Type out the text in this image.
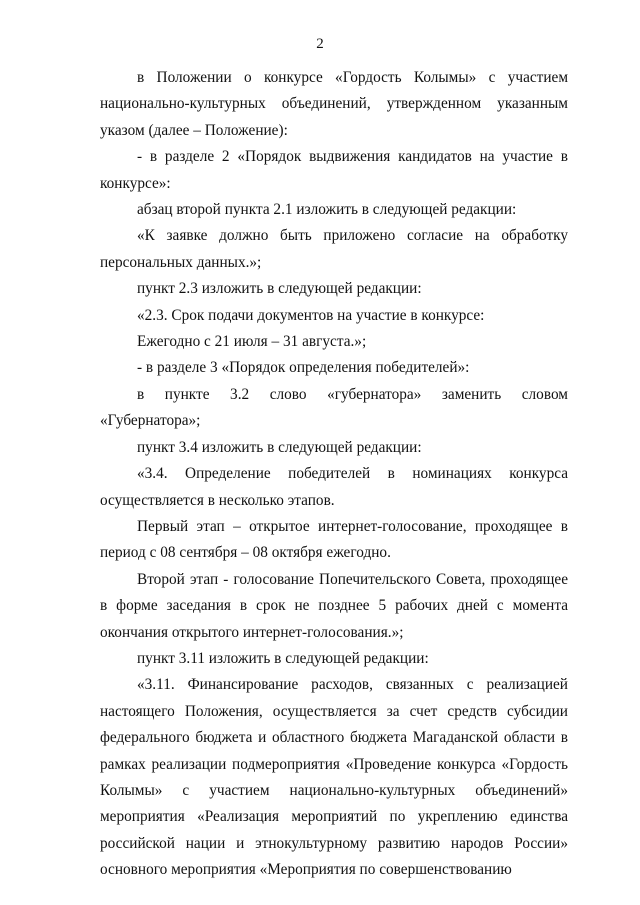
2

в Положении о конкурсе «Гордость Колымы» с участием национально-культурных объединений, утвержденном указанным указом (далее – Положение):

- в разделе 2 «Порядок выдвижения кандидатов на участие в конкурсе»:

абзац второй пункта 2.1 изложить в следующей редакции:

«К заявке должно быть приложено согласие на обработку персональных данных.»;

пункт 2.3 изложить в следующей редакции:

«2.3. Срок подачи документов на участие в конкурсе:

Ежегодно с 21 июля – 31 августа.»;

- в разделе 3 «Порядок определения победителей»:

в пункте 3.2 слово «губернатора» заменить словом «Губернатора»;

пункт 3.4 изложить в следующей редакции:

«3.4. Определение победителей в номинациях конкурса осуществляется в несколько этапов.

Первый этап – открытое интернет-голосование, проходящее в период с 08 сентября – 08 октября ежегодно.

Второй этап - голосование Попечительского Совета, проходящее в форме заседания в срок не позднее 5 рабочих дней с момента окончания открытого интернет-голосования.»;

пункт 3.11 изложить в следующей редакции:

«3.11. Финансирование расходов, связанных с реализацией настоящего Положения, осуществляется за счет средств субсидии федерального бюджета и областного бюджета Магаданской области в рамках реализации подмероприятия «Проведение конкурса «Гордость Колымы» с участием национально-культурных объединений» мероприятия «Реализация мероприятий по укреплению единства российской нации и этнокультурному развитию народов России» основного мероприятия «Мероприятия по совершенствованию
